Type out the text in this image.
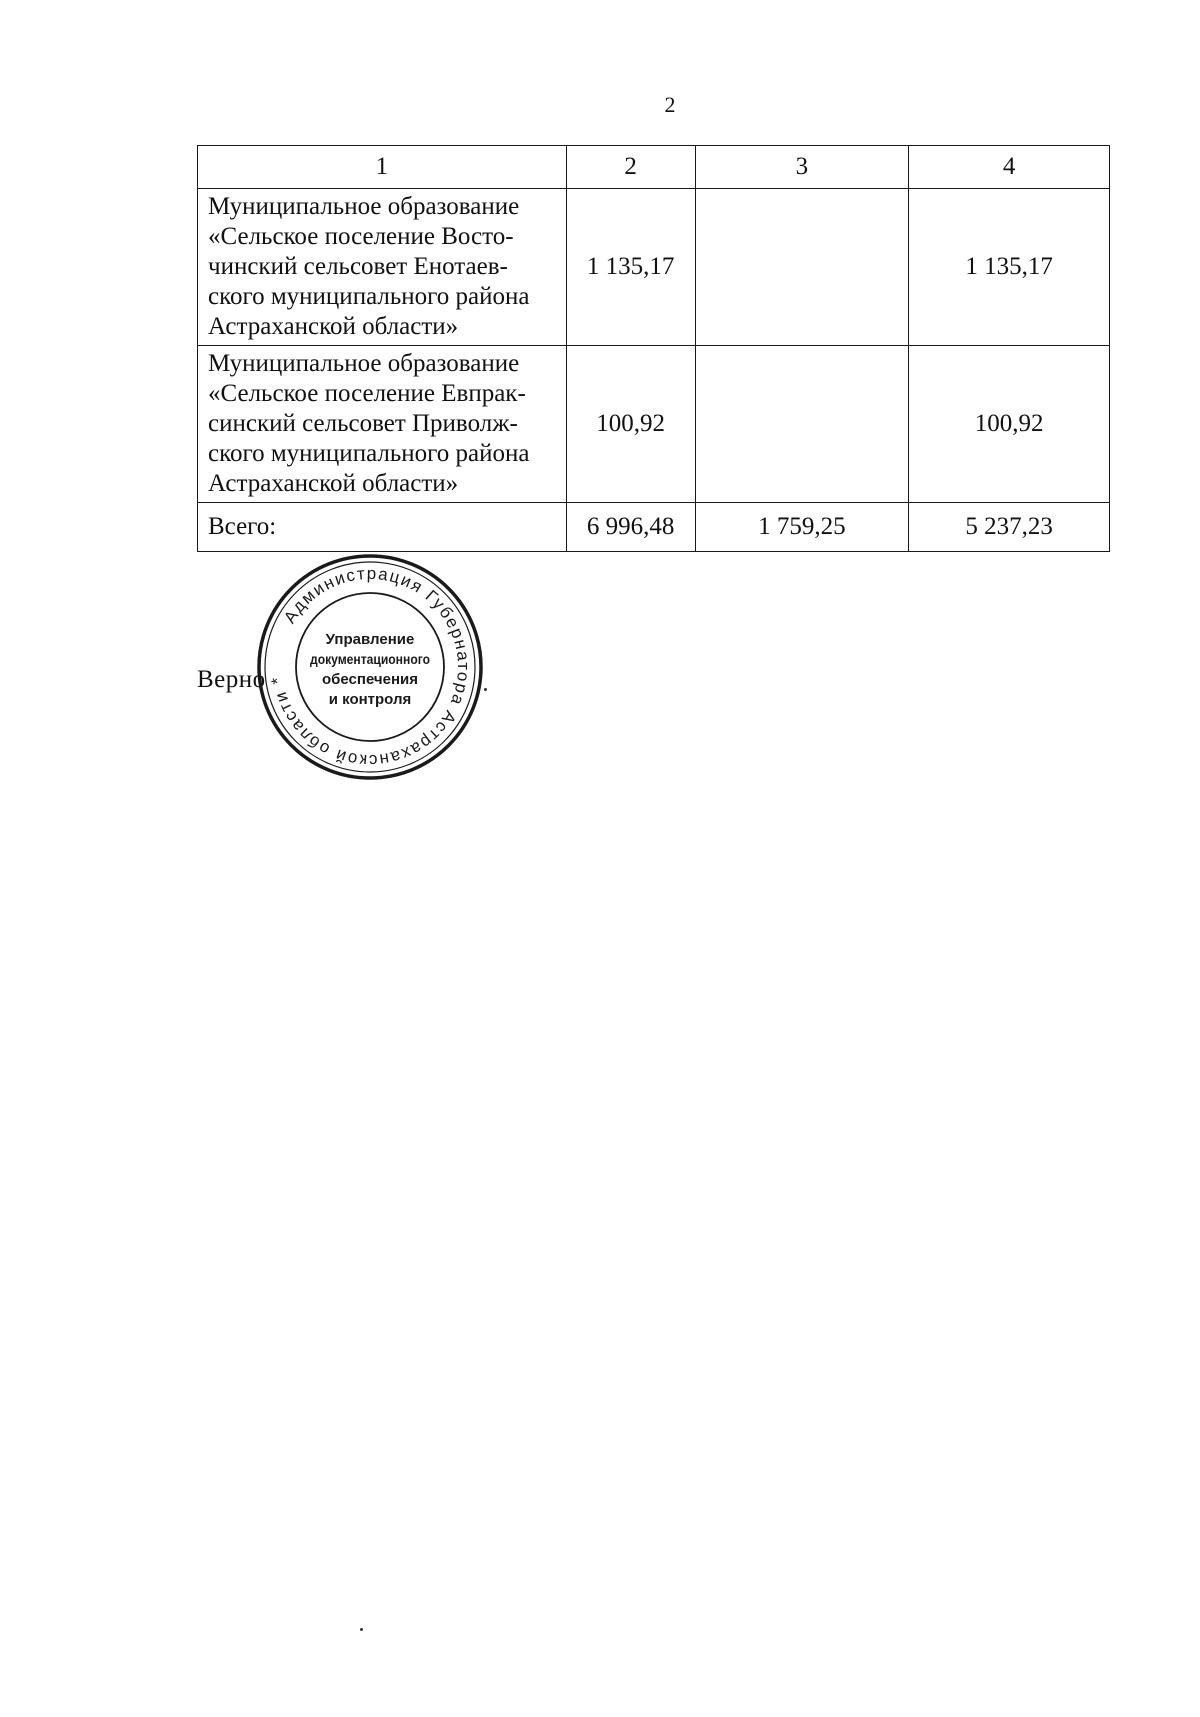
2
1	2	3	4

Муниципальное образование
«Сельское поселение Восто-
чинский сельсовет Енотаев-
ского муниципального района
Астраханской области»	1 135,17		1 135,17

Муниципальное образование
«Сельское поселение Евпрак-
синский сельсовет Приволж-
ского муниципального района
Астраханской области»	100,92		100,92
Всего:	6 996,48	1 759,25	5 237,23
Верно
Администрация Губернатора Астраханской области *
Управление
документационного
обеспечения
и контроля
